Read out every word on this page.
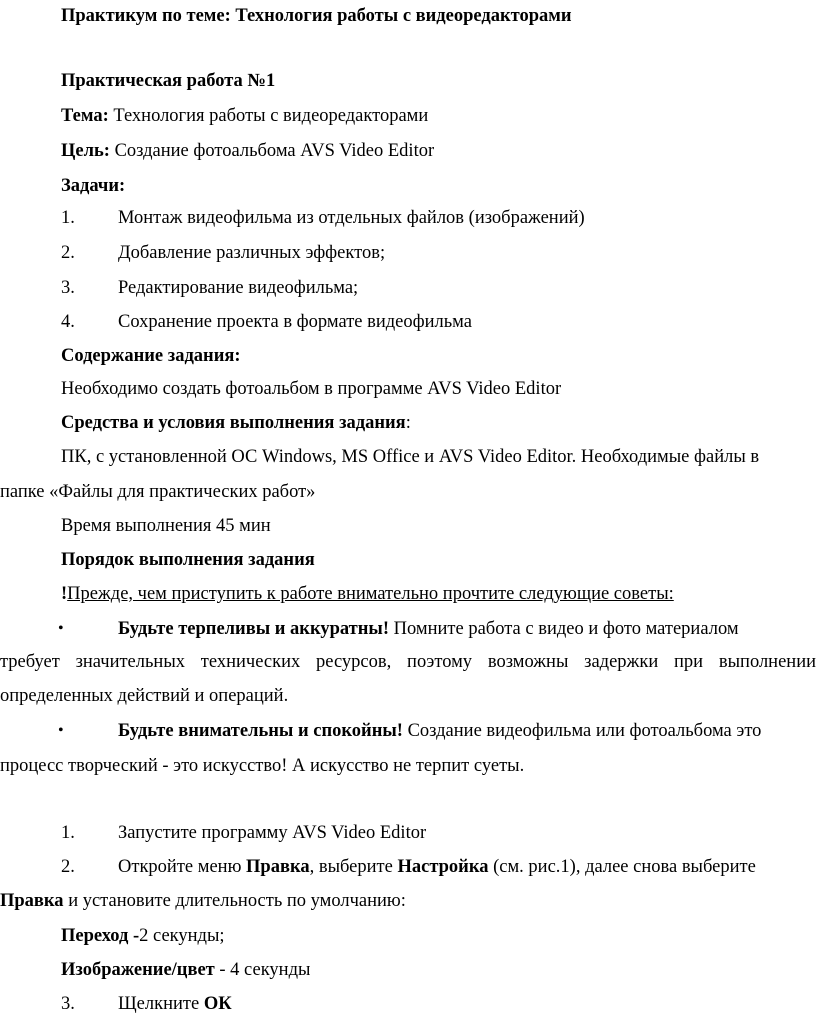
Практикум по теме: Технология работы с видеоредакторами
Практическая работа №1
Тема: Технология работы с видеоредакторами
Цель: Создание фотоальбома AVS Video Editor
Задачи:
1. Монтаж видеофильма из отдельных файлов (изображений)
2. Добавление различных эффектов;
3. Редактирование видеофильма;
4. Сохранение проекта в формате видеофильма
Содержание задания:
Необходимо создать фотоальбом в программе AVS Video Editor
Средства и условия выполнения задания:
ПК, с установленной ОС Windows, MS Office и AVS Video Editor. Необходимые файлы в
папке «Файлы для практических работ»
Время выполнения 45 мин
Порядок выполнения задания
!Прежде, чем приступить к работе внимательно прочтите следующие советы:
•	Будьте терпеливы и аккуратны! Помните работа с видео и фото материалом
требует значительных технических ресурсов, поэтому возможны задержки при выполнении
определенных действий и операций.
•	Будьте внимательны и спокойны! Создание видеофильма или фотоальбома это
процесс творческий - это искусство! А искусство не терпит суеты.
1. Запустите программу AVS Video Editor
2. Откройте меню Правка, выберите Настройка (см. рис.1), далее снова выберите
Правка и установите длительность по умолчанию:
Переход -2 секунды;
Изображение/цвет - 4 секунды
3. Щелкните ОК
